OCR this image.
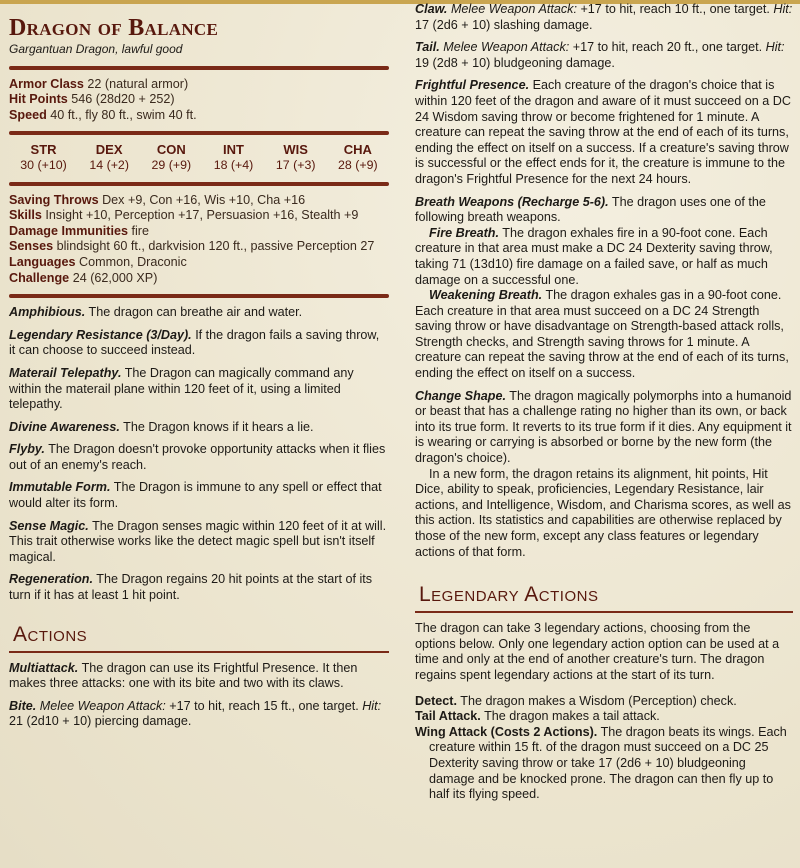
Dragon of Balance
Gargantuan Dragon, lawful good
Armor Class 22 (natural armor)
Hit Points 546 (28d20 + 252)
Speed 40 ft., fly 80 ft., swim 40 ft.
STR
30 (+10)
DEX
14 (+2)
CON
29 (+9)
INT
18 (+4)
WIS
17 (+3)
CHA
28 (+9)
Saving Throws Dex +9, Con +16, Wis +10, Cha +16
Skills Insight +10, Perception +17, Persuasion +16, Stealth +9
Damage Immunities fire
Senses blindsight 60 ft., darkvision 120 ft., passive Perception 27
Languages Common, Draconic
Challenge 24 (62,000 XP)
Amphibious. The dragon can breathe air and water.
Legendary Resistance (3/Day). If the dragon fails a saving throw, it can choose to succeed instead.
Materail Telepathy. The Dragon can magically command any within the materail plane within 120 feet of it, using a limited telepathy.
Divine Awareness. The Dragon knows if it hears a lie.
Flyby. The Dragon doesn't provoke opportunity attacks when it flies out of an enemy's reach.
Immutable Form. The Dragon is immune to any spell or effect that would alter its form.
Sense Magic. The Dragon senses magic within 120 feet of it at will. This trait otherwise works like the detect magic spell but isn't itself magical.
Regeneration. The Dragon regains 20 hit points at the start of its turn if it has at least 1 hit point.
Actions
Multiattack. The dragon can use its Frightful Presence. It then makes three attacks: one with its bite and two with its claws.
Bite. Melee Weapon Attack: +17 to hit, reach 15 ft., one target. Hit: 21 (2d10 + 10) piercing damage.
Claw. Melee Weapon Attack: +17 to hit, reach 10 ft., one target. Hit: 17 (2d6 + 10) slashing damage.
Tail. Melee Weapon Attack: +17 to hit, reach 20 ft., one target. Hit: 19 (2d8 + 10) bludgeoning damage.
Frightful Presence. Each creature of the dragon's choice that is within 120 feet of the dragon and aware of it must succeed on a DC 24 Wisdom saving throw or become frightened for 1 minute. A creature can repeat the saving throw at the end of each of its turns, ending the effect on itself on a success. If a creature's saving throw is successful or the effect ends for it, the creature is immune to the dragon's Frightful Presence for the next 24 hours.
Breath Weapons (Recharge 5-6). The dragon uses one of the following breath weapons.
Fire Breath. The dragon exhales fire in a 90-foot cone. Each creature in that area must make a DC 24 Dexterity saving throw, taking 71 (13d10) fire damage on a failed save, or half as much damage on a successful one.
Weakening Breath. The dragon exhales gas in a 90-foot cone. Each creature in that area must succeed on a DC 24 Strength saving throw or have disadvantage on Strength-based attack rolls, Strength checks, and Strength saving throws for 1 minute. A creature can repeat the saving throw at the end of each of its turns, ending the effect on itself on a success.
Change Shape. The dragon magically polymorphs into a humanoid or beast that has a challenge rating no higher than its own, or back into its true form. It reverts to its true form if it dies. Any equipment it is wearing or carrying is absorbed or borne by the new form (the dragon's choice).
In a new form, the dragon retains its alignment, hit points, Hit Dice, ability to speak, proficiencies, Legendary Resistance, lair actions, and Intelligence, Wisdom, and Charisma scores, as well as this action. Its statistics and capabilities are otherwise replaced by those of the new form, except any class features or legendary actions of that form.
Legendary Actions
The dragon can take 3 legendary actions, choosing from the options below. Only one legendary action option can be used at a time and only at the end of another creature's turn. The dragon regains spent legendary actions at the start of its turn.
Detect. The dragon makes a Wisdom (Perception) check.
Tail Attack. The dragon makes a tail attack.
Wing Attack (Costs 2 Actions). The dragon beats its wings. Each creature within 15 ft. of the dragon must succeed on a DC 25 Dexterity saving throw or take 17 (2d6 + 10) bludgeoning damage and be knocked prone. The dragon can then fly up to half its flying speed.
